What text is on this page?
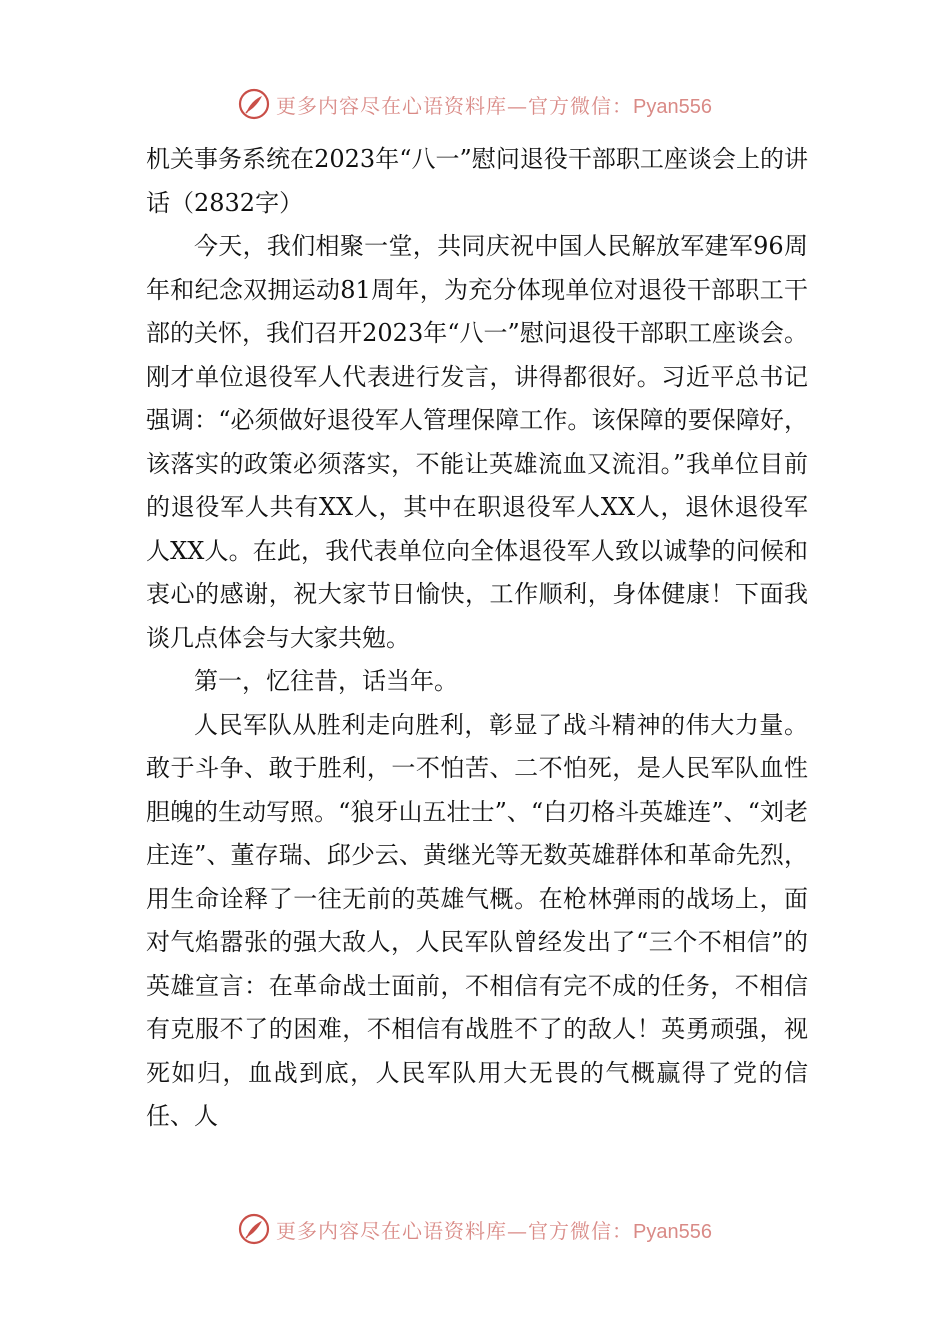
更多内容尽在心语资料库—官方微信：Pyan556

机关事务系统在2023年“八一”慰问退役干部职工座谈会上的讲话（2832字）

今天，我们相聚一堂，共同庆祝中国人民解放军建军96周年和纪念双拥运动81周年，为充分体现单位对退役干部职工干部的关怀，我们召开2023年“八一”慰问退役干部职工座谈会。刚才单位退役军人代表进行发言，讲得都很好。习近平总书记强调：“必须做好退役军人管理保障工作。该保障的要保障好，该落实的政策必须落实，不能让英雄流血又流泪。”我单位目前的退役军人共有XX人，其中在职退役军人XX人，退休退役军人XX人。在此，我代表单位向全体退役军人致以诚挚的问候和衷心的感谢，祝大家节日愉快，工作顺利，身体健康！下面我谈几点体会与大家共勉。

第一，忆往昔，话当年。

人民军队从胜利走向胜利，彰显了战斗精神的伟大力量。敢于斗争、敢于胜利，一不怕苦、二不怕死，是人民军队血性胆魄的生动写照。“狼牙山五壮士”、“白刃格斗英雄连”、“刘老庄连”、董存瑞、邱少云、黄继光等无数英雄群体和革命先烈，用生命诠释了一往无前的英雄气概。在枪林弹雨的战场上，面对气焰嚣张的强大敌人，人民军队曾经发出了“三个不相信”的英雄宣言：在革命战士面前，不相信有完不成的任务，不相信有克服不了的困难，不相信有战胜不了的敌人！英勇顽强，视死如归，血战到底，人民军队用大无畏的气概赢得了党的信任、人

更多内容尽在心语资料库—官方微信：Pyan556
